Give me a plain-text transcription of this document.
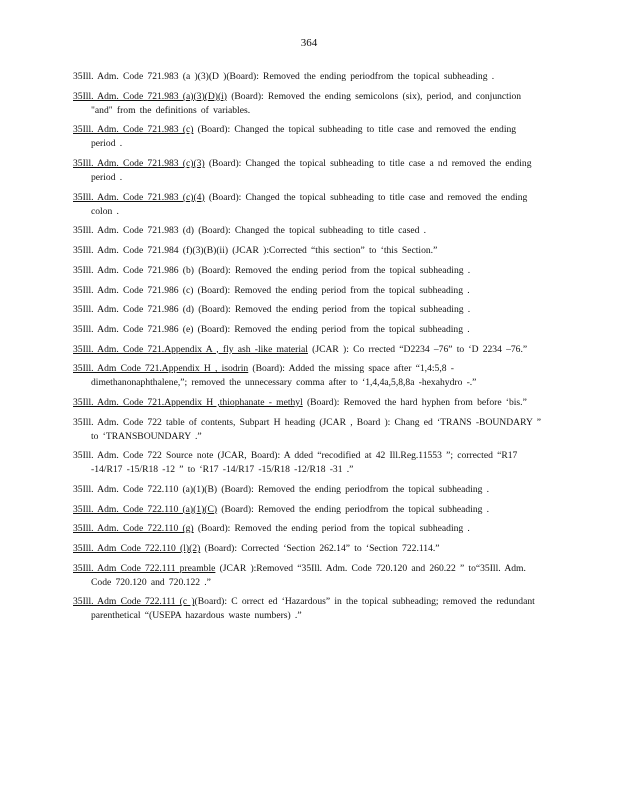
364

35Ill. Adm. Code 721.983 (a )(3)(D )(Board): Removed the ending periodfrom the topical subheading .

35Ill. Adm. Code 721.983 (a)(3)(D)(i) (Board): Removed the ending semicolons (six), period, and conjunction "and" from the definitions of variables.

35Ill. Adm. Code 721.983 (c) (Board): Changed the topical subheading to title case and removed the ending period .

35Ill. Adm. Code 721.983 (c)(3) (Board): Changed the topical subheading to title case a nd removed the ending period .

35Ill. Adm. Code 721.983 (c)(4) (Board): Changed the topical subheading to title case and removed the ending colon .

35Ill. Adm. Code 721.983 (d) (Board): Changed the topical subheading to title cased .

35Ill. Adm. Code 721.984 (f)(3)(B)(ii) (JCAR ):Corrected “this section” to ‘this Section.”

35Ill. Adm. Code 721.986 (b) (Board): Removed the ending period from the topical subheading .

35Ill. Adm. Code 721.986 (c) (Board): Removed the ending period from the topical subheading .

35Ill. Adm. Code 721.986 (d) (Board): Removed the ending period from the topical subheading .

35Ill. Adm. Code 721.986 (e) (Board): Removed the ending period from the topical subheading .

35Ill. Adm. Code 721.Appendix A , fly ash -like material (JCAR ): Co rrected “D2234 –76” to ‘D 2234 –76.”

35Ill. Adm Code 721.Appendix H , isodrin (Board): Added the missing space after “1,4:5,8 -dimethanonaphthalene,”; removed the unnecessary comma after to ‘1,4,4a,5,8,8a -hexahydro -.”

35Ill. Adm. Code 721.Appendix H ,thiophanate - methyl (Board): Removed the hard hyphen from before ‘bis.”

35Ill. Adm. Code 722 table of contents, Subpart H heading (JCAR , Board ): Chang ed ‘TRANS -BOUNDARY ” to ‘TRANSBOUNDARY .”

35Ill. Adm. Code 722 Source note (JCAR, Board): A dded “recodified at 42 Ill.Reg.11553 ”; corrected “R17 -14/R17 -15/R18 -12 ” to ‘R17 -14/R17 -15/R18 -12/R18 -31 .”

35Ill. Adm. Code 722.110 (a)(1)(B) (Board): Removed the ending periodfrom the topical subheading .

35Ill. Adm. Code 722.110 (a)(1)(C) (Board): Removed the ending periodfrom the topical subheading .

35Ill. Adm. Code 722.110 (g) (Board): Removed the ending period from the topical subheading .

35Ill. Adm Code 722.110 (l)(2) (Board): Corrected ‘Section 262.14” to ‘Section 722.114.”

35Ill. Adm Code 722.111 preamble (JCAR ):Removed “35Ill. Adm. Code 720.120 and 260.22 ” to“35Ill. Adm. Code 720.120 and 720.122 .”

35Ill. Adm Code 722.111 (c )(Board): C orrect ed ‘Hazardous” in the topical subheading; removed the redundant parenthetical “(USEPA hazardous waste numbers) .”
